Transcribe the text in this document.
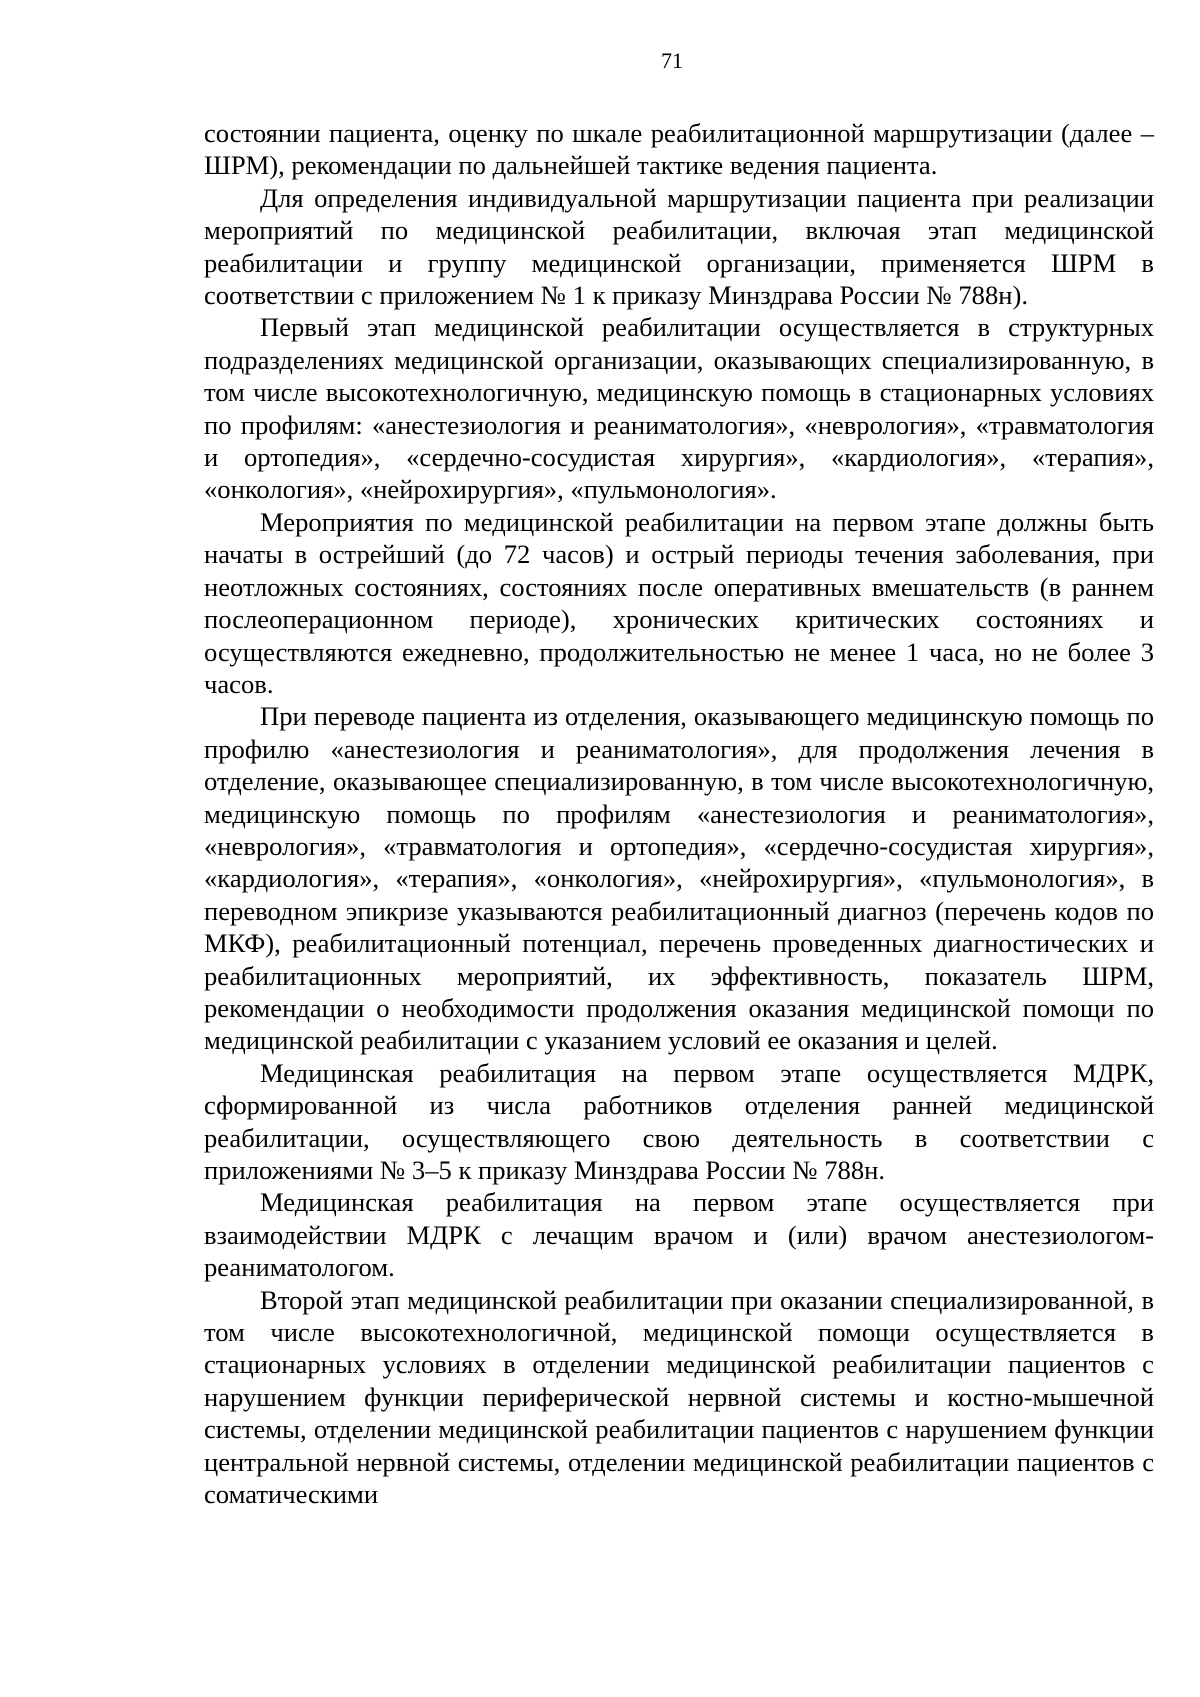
71

состоянии пациента, оценку по шкале реабилитационной маршрутизации (далее – ШРМ), рекомендации по дальнейшей тактике ведения пациента.

Для определения индивидуальной маршрутизации пациента при реализации мероприятий по медицинской реабилитации, включая этап медицинской реабилитации и группу медицинской организации, применяется ШРМ в соответствии с приложением № 1 к приказу Минздрава России № 788н).

Первый этап медицинской реабилитации осуществляется в структурных подразделениях медицинской организации, оказывающих специализированную, в том числе высокотехнологичную, медицинскую помощь в стационарных условиях по профилям: «анестезиология и реаниматология», «неврология», «травматология и ортопедия», «сердечно-сосудистая хирургия», «кардиология», «терапия», «онкология», «нейрохирургия», «пульмонология».

Мероприятия по медицинской реабилитации на первом этапе должны быть начаты в острейший (до 72 часов) и острый периоды течения заболевания, при неотложных состояниях, состояниях после оперативных вмешательств (в раннем послеоперационном периоде), хронических критических состояниях и осуществляются ежедневно, продолжительностью не менее 1 часа, но не более 3 часов.

При переводе пациента из отделения, оказывающего медицинскую помощь по профилю «анестезиология и реаниматология», для продолжения лечения в отделение, оказывающее специализированную, в том числе высокотехнологичную, медицинскую помощь по профилям «анестезиология и реаниматология», «неврология», «травматология и ортопедия», «сердечно-сосудистая хирургия», «кардиология», «терапия», «онкология», «нейрохирургия», «пульмонология», в переводном эпикризе указываются реабилитационный диагноз (перечень кодов по МКФ), реабилитационный потенциал, перечень проведенных диагностических и реабилитационных мероприятий, их эффективность, показатель ШРМ, рекомендации о необходимости продолжения оказания медицинской помощи по медицинской реабилитации с указанием условий ее оказания и целей.

Медицинская реабилитация на первом этапе осуществляется МДРК, сформированной из числа работников отделения ранней медицинской реабилитации, осуществляющего свою деятельность в соответствии с приложениями № 3–5 к приказу Минздрава России № 788н.

Медицинская реабилитация на первом этапе осуществляется при взаимодействии МДРК с лечащим врачом и (или) врачом анестезиологом-реаниматологом.

Второй этап медицинской реабилитации при оказании специализированной, в том числе высокотехнологичной, медицинской помощи осуществляется в стационарных условиях в отделении медицинской реабилитации пациентов с нарушением функции периферической нервной системы и костно-мышечной системы, отделении медицинской реабилитации пациентов с нарушением функции центральной нервной системы, отделении медицинской реабилитации пациентов с соматическими
